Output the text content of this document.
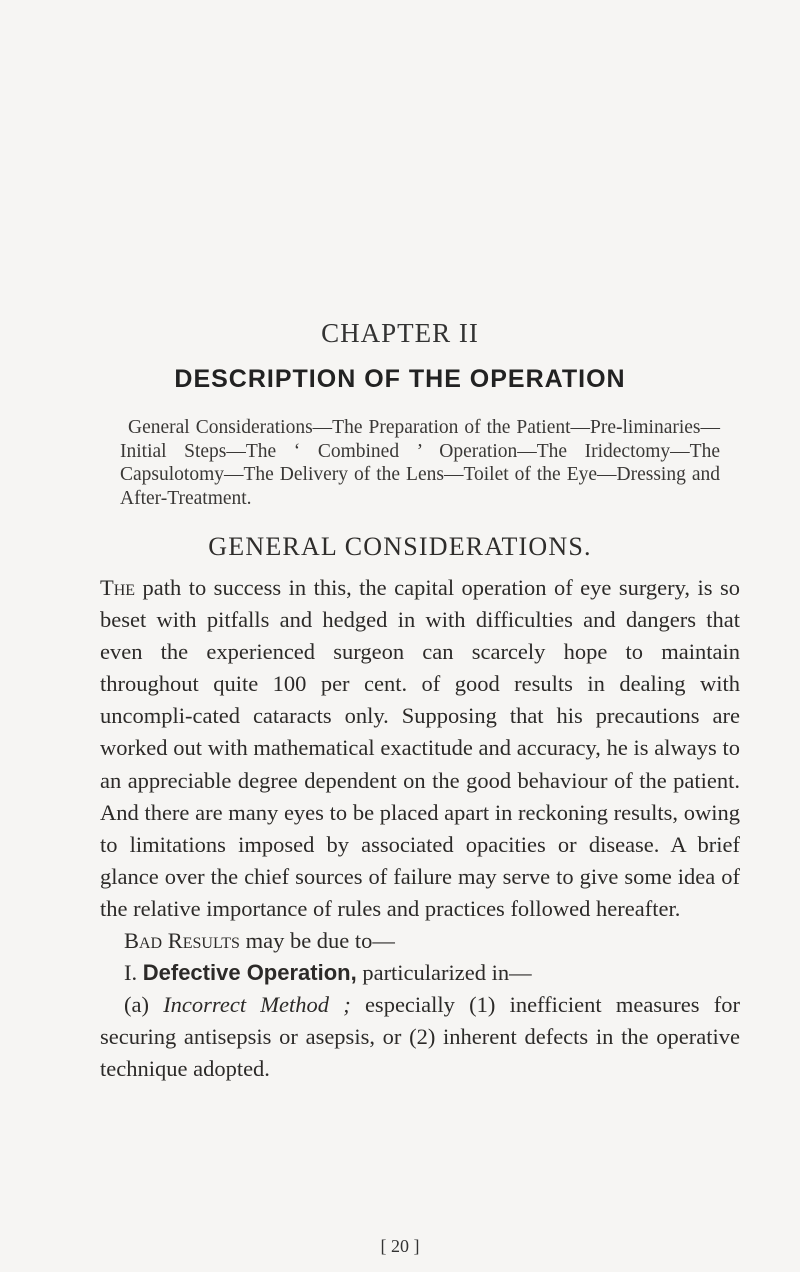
CHAPTER II
DESCRIPTION OF THE OPERATION

General Considerations—The Preparation of the Patient—Pre-liminaries—Initial Steps—The ‘ Combined ’ Operation—The Iridectomy—The Capsulotomy—The Delivery of the Lens—Toilet of the Eye—Dressing and After-Treatment.

GENERAL CONSIDERATIONS.

The path to success in this, the capital operation of eye surgery, is so beset with pitfalls and hedged in with difficulties and dangers that even the experienced surgeon can scarcely hope to maintain throughout quite 100 per cent. of good results in dealing with uncompli-cated cataracts only. Supposing that his precautions are worked out with mathematical exactitude and accuracy, he is always to an appreciable degree dependent on the good behaviour of the patient. And there are many eyes to be placed apart in reckoning results, owing to limitations imposed by associated opacities or disease. A brief glance over the chief sources of failure may serve to give some idea of the relative importance of rules and practices followed hereafter.

Bad Results may be due to—

I. Defective Operation, particularized in—

(a) Incorrect Method ; especially (1) inefficient measures for securing antisepsis or asepsis, or (2) inherent defects in the operative technique adopted.

[ 20 ]
